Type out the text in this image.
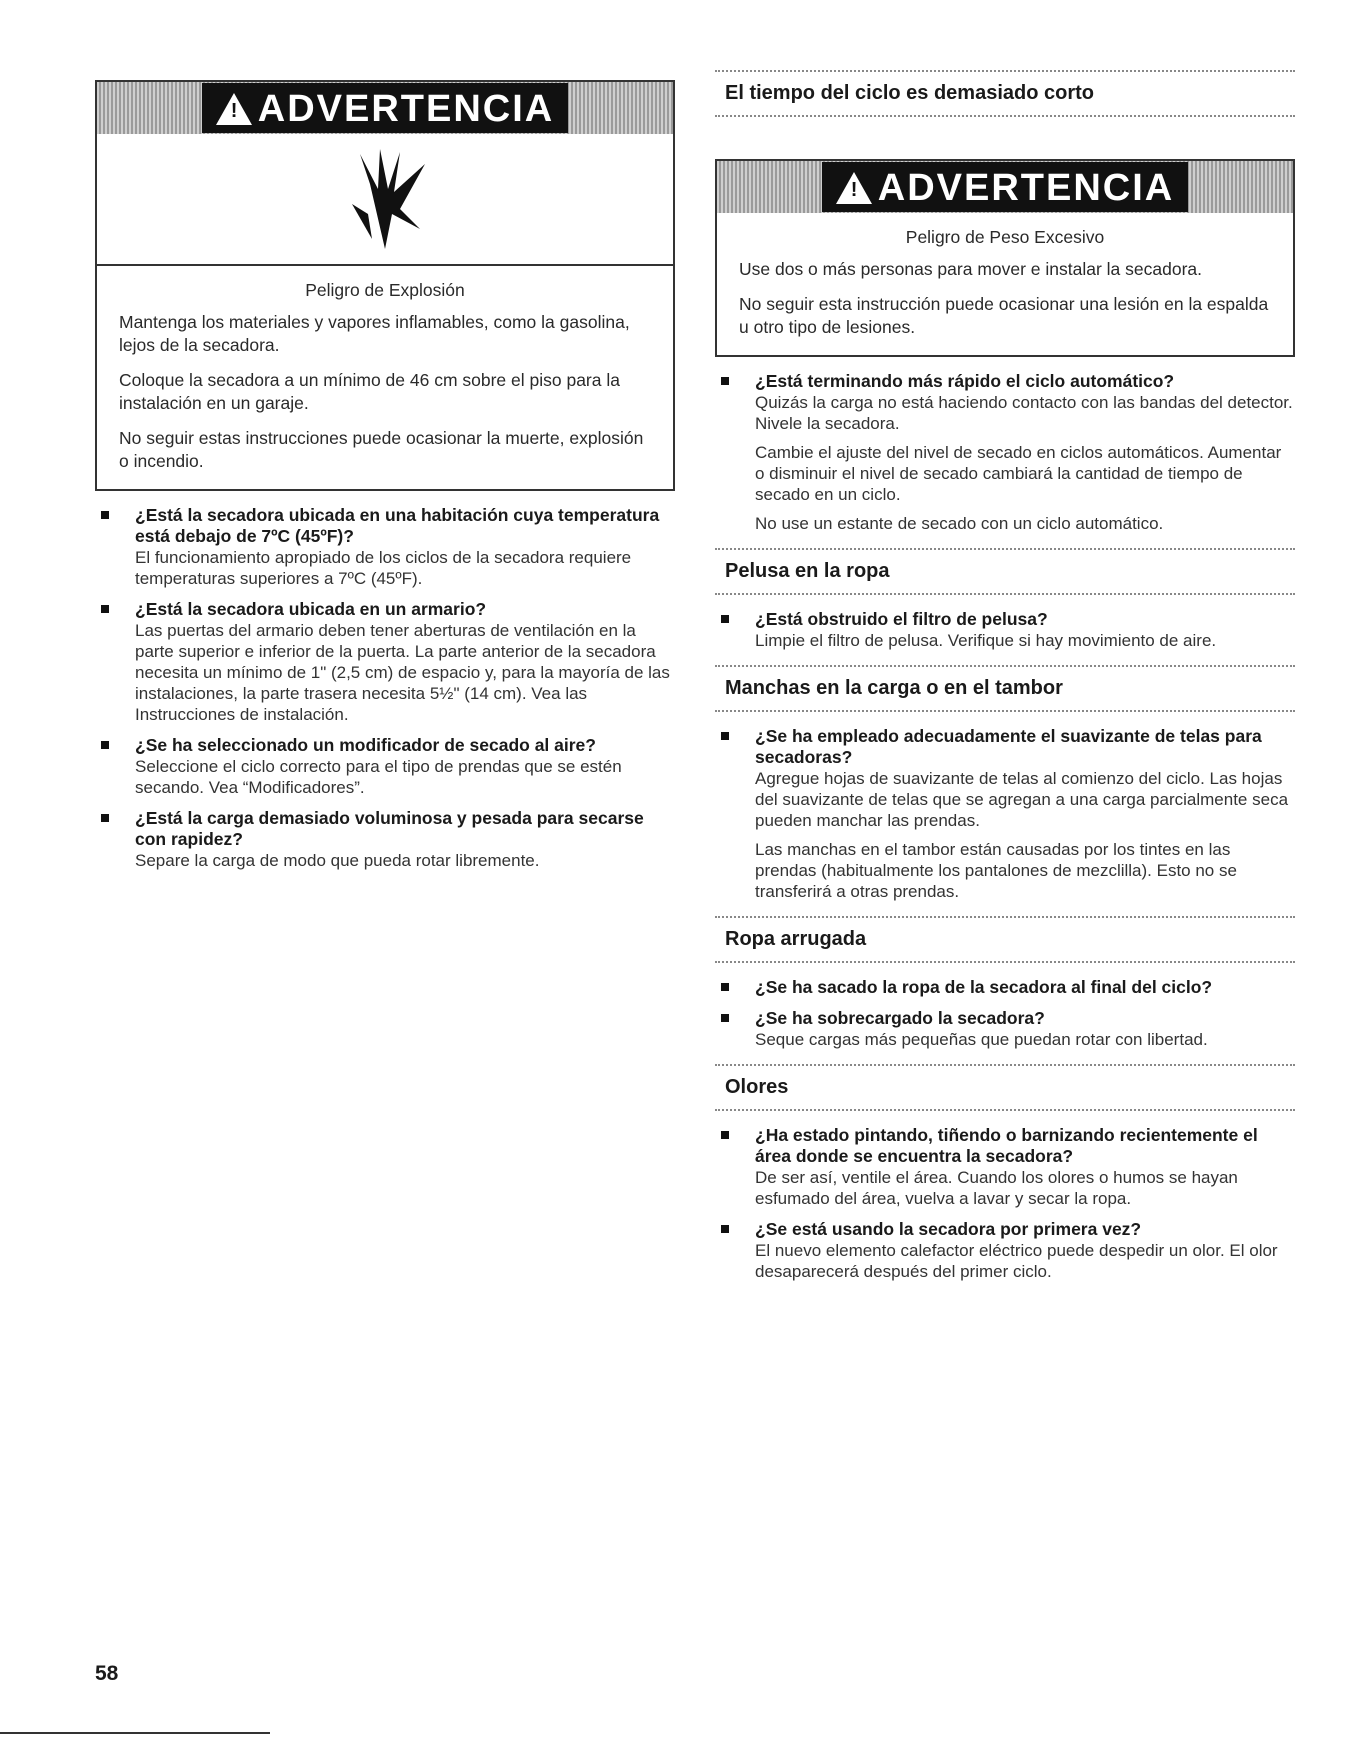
! ADVERTENCIA
Peligro de Explosión

Mantenga los materiales y vapores inflamables, como la gasolina, lejos de la secadora.

Coloque la secadora a un mínimo de 46 cm sobre el piso para la instalación en un garaje.

No seguir estas instrucciones puede ocasionar la muerte, explosión o incendio.

¿Está la secadora ubicada en una habitación cuya temperatura está debajo de 7ºC (45ºF)?
El funcionamiento apropiado de los ciclos de la secadora requiere temperaturas superiores a 7ºC (45ºF).
¿Está la secadora ubicada en un armario?
Las puertas del armario deben tener aberturas de ventilación en la parte superior e inferior de la puerta. La parte anterior de la secadora necesita un mínimo de 1" (2,5 cm) de espacio y, para la mayoría de las instalaciones, la parte trasera necesita 5½" (14 cm). Vea las Instrucciones de instalación.
¿Se ha seleccionado un modificador de secado al aire?
Seleccione el ciclo correcto para el tipo de prendas que se estén secando. Vea “Modificadores”.
¿Está la carga demasiado voluminosa y pesada para secarse con rapidez?
Separe la carga de modo que pueda rotar libremente.
El tiempo del ciclo es demasiado corto
! ADVERTENCIA
Peligro de Peso Excesivo

Use dos o más personas para mover e instalar la secadora.

No seguir esta instrucción puede ocasionar una lesión en la espalda u otro tipo de lesiones.

¿Está terminando más rápido el ciclo automático?
Quizás la carga no está haciendo contacto con las bandas del detector. Nivele la secadora.
Cambie el ajuste del nivel de secado en ciclos automáticos. Aumentar o disminuir el nivel de secado cambiará la cantidad de tiempo de secado en un ciclo.
No use un estante de secado con un ciclo automático.
Pelusa en la ropa
¿Está obstruido el filtro de pelusa?
Limpie el filtro de pelusa. Verifique si hay movimiento de aire.
Manchas en la carga o en el tambor
¿Se ha empleado adecuadamente el suavizante de telas para secadoras?
Agregue hojas de suavizante de telas al comienzo del ciclo. Las hojas del suavizante de telas que se agregan a una carga parcialmente seca pueden manchar las prendas.
Las manchas en el tambor están causadas por los tintes en las prendas (habitualmente los pantalones de mezclilla). Esto no se transferirá a otras prendas.
Ropa arrugada
¿Se ha sacado la ropa de la secadora al final del ciclo?
¿Se ha sobrecargado la secadora?
Seque cargas más pequeñas que puedan rotar con libertad.
Olores
¿Ha estado pintando, tiñendo o barnizando recientemente el área donde se encuentra la secadora?
De ser así, ventile el área. Cuando los olores o humos se hayan esfumado del área, vuelva a lavar y secar la ropa.
¿Se está usando la secadora por primera vez?
El nuevo elemento calefactor eléctrico puede despedir un olor. El olor desaparecerá después del primer ciclo.
58
